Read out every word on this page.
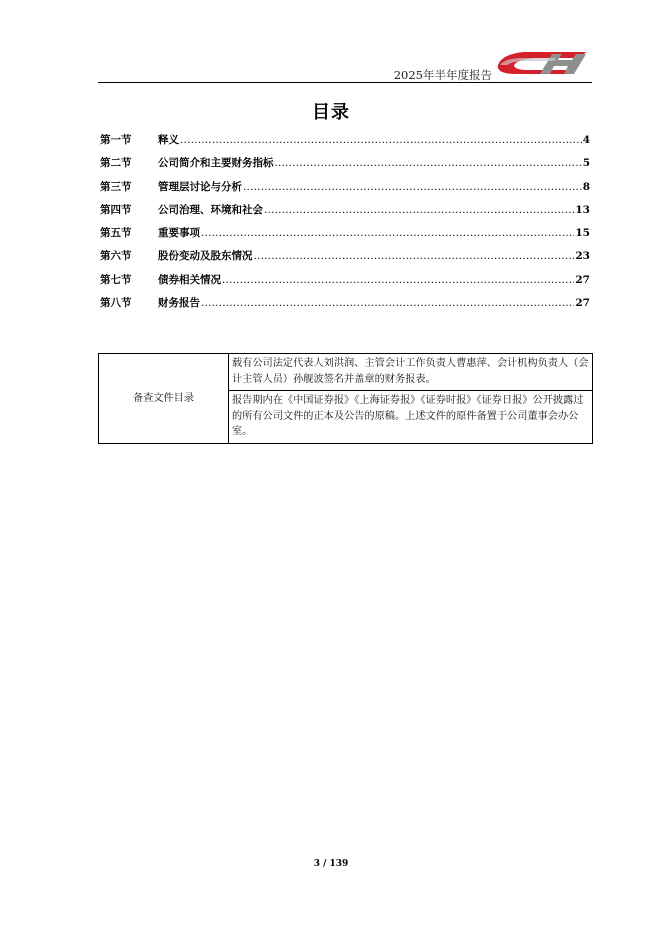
2025年半年度报告
目录
第一节	释义 .....	4
第二节	公司简介和主要财务指标 .....	5
第三节	管理层讨论与分析 .....	8
第四节	公司治理、环境和社会 .....	13
第五节	重要事项 .....	15
第六节	股份变动及股东情况 .....	23
第七节	债券相关情况 .....	27
第八节	财务报告 .....	27
备查文件目录	载有公司法定代表人刘洪润、主管会计工作负责人曹惠萍、会计机构负责人（会计主管人员）孙舰波签名并盖章的财务报表。
报告期内在《中国证券报》《上海证券报》《证券时报》《证券日报》公开披露过的所有公司文件的正本及公告的原稿。上述文件的原件备置于公司董事会办公室。
3 / 139
